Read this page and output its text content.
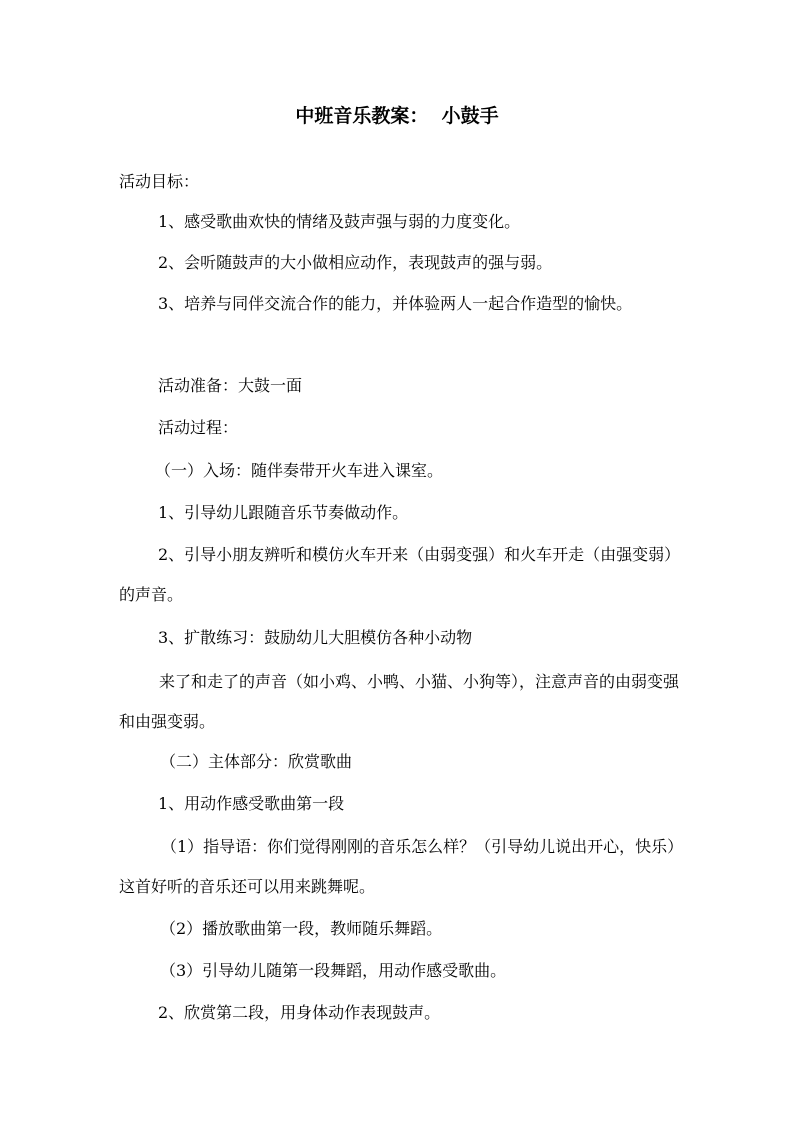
中班音乐教案：  小鼓手
活动目标：
1、感受歌曲欢快的情绪及鼓声强与弱的力度变化。
2、会听随鼓声的大小做相应动作，表现鼓声的强与弱。
3、培养与同伴交流合作的能力，并体验两人一起合作造型的愉快。
活动准备：大鼓一面
活动过程：
（一）入场：随伴奏带开火车进入课室。
1、引导幼儿跟随音乐节奏做动作。
2、引导小朋友辨听和模仿火车开来（由弱变强）和火车开走（由强变弱）的声音。
3、扩散练习：鼓励幼儿大胆模仿各种小动物
来了和走了的声音（如小鸡、小鸭、小猫、小狗等），注意声音的由弱变强和由强变弱。
（二）主体部分：欣赏歌曲
1、用动作感受歌曲第一段
（1）指导语：你们觉得刚刚的音乐怎么样？（引导幼儿说出开心，快乐）这首好听的音乐还可以用来跳舞呢。
（2）播放歌曲第一段，教师随乐舞蹈。
（3）引导幼儿随第一段舞蹈，用动作感受歌曲。
2、欣赏第二段，用身体动作表现鼓声。
